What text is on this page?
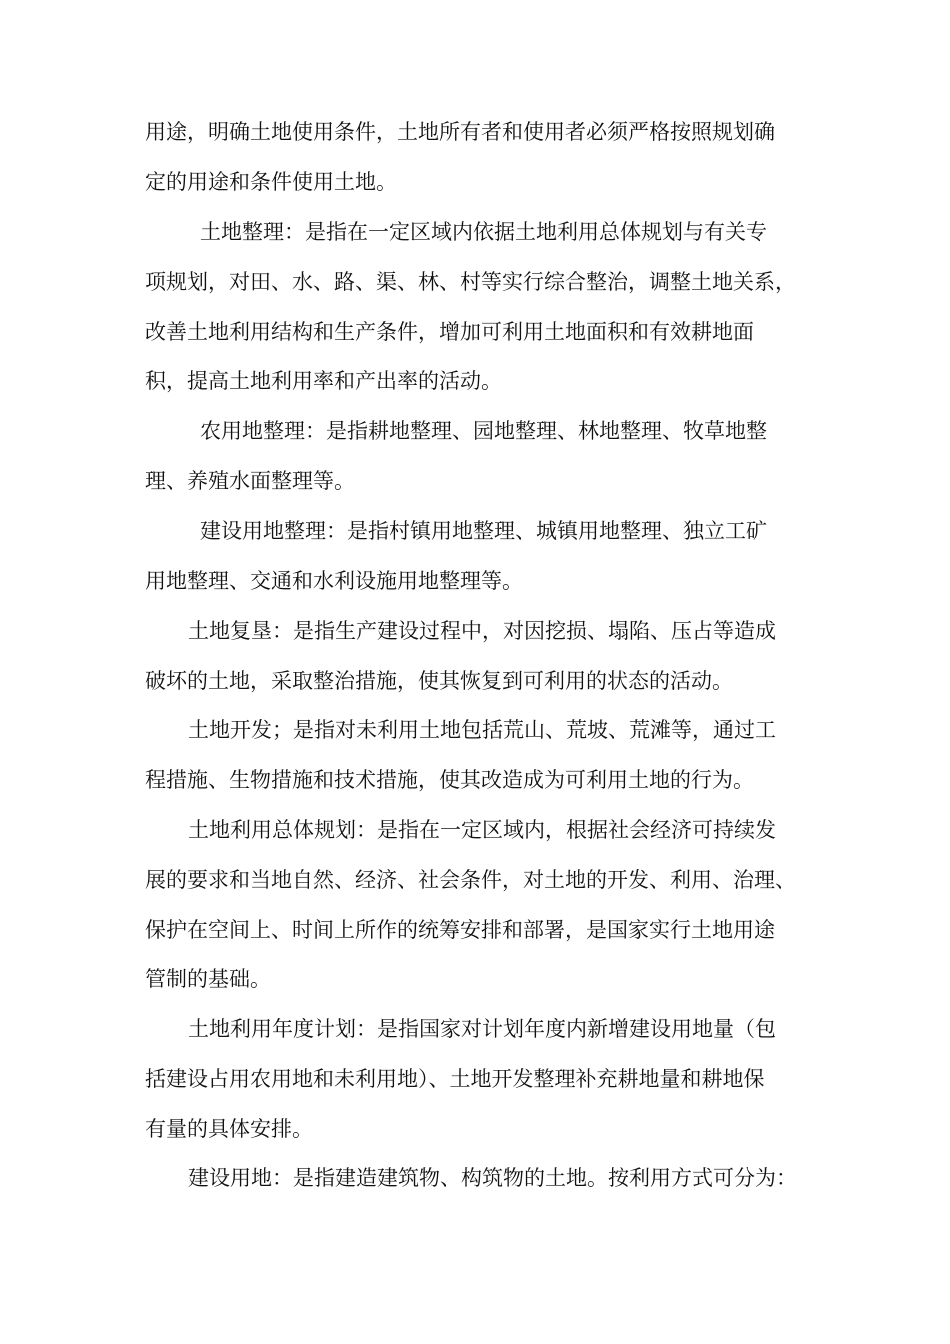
用途，明确土地使用条件，土地所有者和使用者必须严格按照规划确
定的用途和条件使用土地。
土地整理：是指在一定区域内依据土地利用总体规划与有关专
项规划，对田、水、路、渠、林、村等实行综合整治，调整土地关系，
改善土地利用结构和生产条件，增加可利用土地面积和有效耕地面
积，提高土地利用率和产出率的活动。
农用地整理：是指耕地整理、园地整理、林地整理、牧草地整
理、养殖水面整理等。
建设用地整理：是指村镇用地整理、城镇用地整理、独立工矿
用地整理、交通和水利设施用地整理等。
土地复垦：是指生产建设过程中，对因挖损、塌陷、压占等造成
破坏的土地，采取整治措施，使其恢复到可利用的状态的活动。
土地开发；是指对未利用土地包括荒山、荒坡、荒滩等，通过工
程措施、生物措施和技术措施，使其改造成为可利用土地的行为。
土地利用总体规划：是指在一定区域内，根据社会经济可持续发
展的要求和当地自然、经济、社会条件，对土地的开发、利用、治理、
保护在空间上、时间上所作的统筹安排和部署，是国家实行土地用途
管制的基础。
土地利用年度计划：是指国家对计划年度内新增建设用地量（包
括建设占用农用地和未利用地）、土地开发整理补充耕地量和耕地保
有量的具体安排。
建设用地：是指建造建筑物、构筑物的土地。按利用方式可分为：
